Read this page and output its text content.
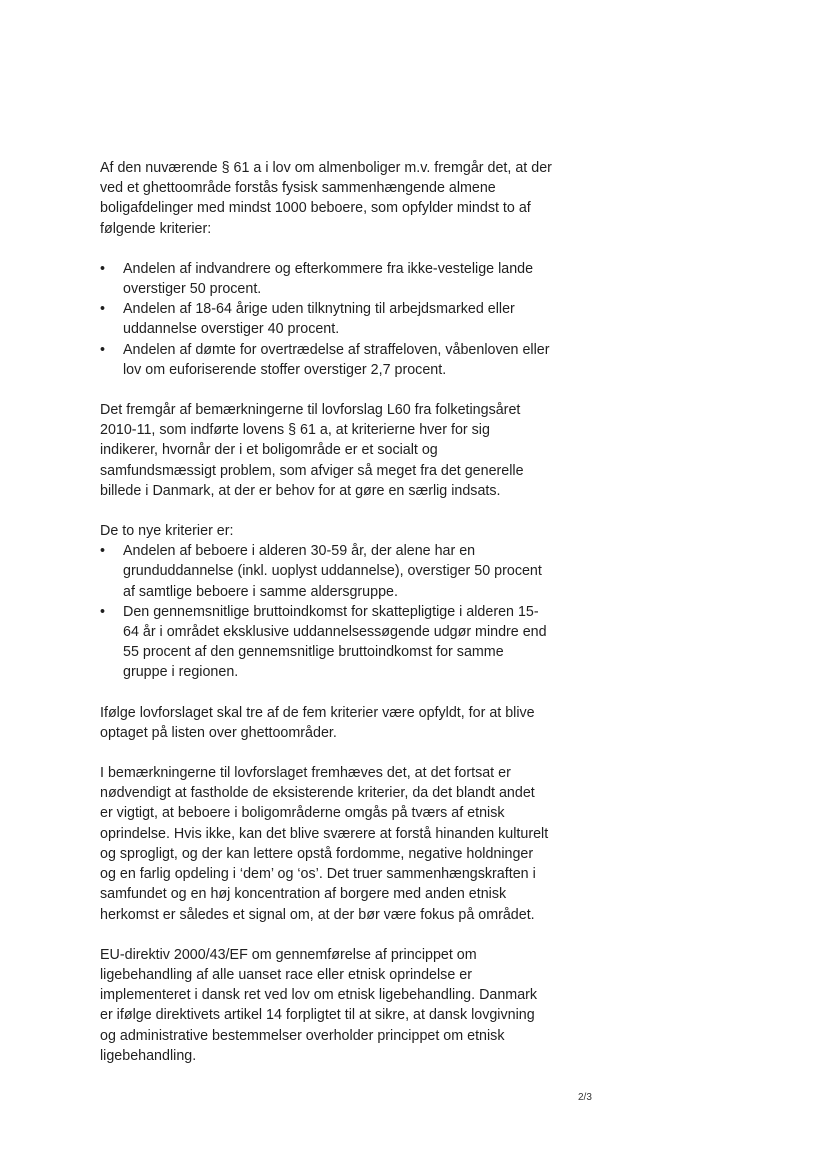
Af den nuværende § 61 a i lov om almenboliger m.v. fremgår det, at der
ved et ghettoområde forstås fysisk sammenhængende almene
boligafdelinger med mindst 1000 beboere, som opfylder mindst to af
følgende kriterier:

•	Andelen af indvandrere og efterkommere fra ikke-vestelige lande
overstiger 50 procent.
•	Andelen af 18-64 årige uden tilknytning til arbejdsmarked eller
uddannelse overstiger 40 procent.
•	Andelen af dømte for overtrædelse af straffeloven, våbenloven eller
lov om euforiserende stoffer overstiger 2,7 procent.

Det fremgår af bemærkningerne til lovforslag L60 fra folketingsåret
2010-11, som indførte lovens § 61 a, at kriterierne hver for sig
indikerer, hvornår der i et boligområde er et socialt og
samfundsmæssigt problem, som afviger så meget fra det generelle
billede i Danmark, at der er behov for at gøre en særlig indsats.

De to nye kriterier er:

•	Andelen af beboere i alderen 30-59 år, der alene har en
grunduddannelse (inkl. uoplyst uddannelse), overstiger 50 procent
af samtlige beboere i samme aldersgruppe.
•	Den gennemsnitlige bruttoindkomst for skattepligtige i alderen 15-
64 år i området eksklusive uddannelsessøgende udgør mindre end
55 procent af den gennemsnitlige bruttoindkomst for samme
gruppe i regionen.

Ifølge lovforslaget skal tre af de fem kriterier være opfyldt, for at blive
optaget på listen over ghettoområder.

I bemærkningerne til lovforslaget fremhæves det, at det fortsat er
nødvendigt at fastholde de eksisterende kriterier, da det blandt andet
er vigtigt, at beboere i boligområderne omgås på tværs af etnisk
oprindelse. Hvis ikke, kan det blive sværere at forstå hinanden kulturelt
og sprogligt, og der kan lettere opstå fordomme, negative holdninger
og en farlig opdeling i ‘dem’ og ‘os’. Det truer sammenhængskraften i
samfundet og en høj koncentration af borgere med anden etnisk
herkomst er således et signal om, at der bør være fokus på området.

EU-direktiv 2000/43/EF om gennemførelse af princippet om
ligebehandling af alle uanset race eller etnisk oprindelse er
implementeret i dansk ret ved lov om etnisk ligebehandling. Danmark
er ifølge direktivets artikel 14 forpligtet til at sikre, at dansk lovgivning
og administrative bestemmelser overholder princippet om etnisk
ligebehandling.

2/3
